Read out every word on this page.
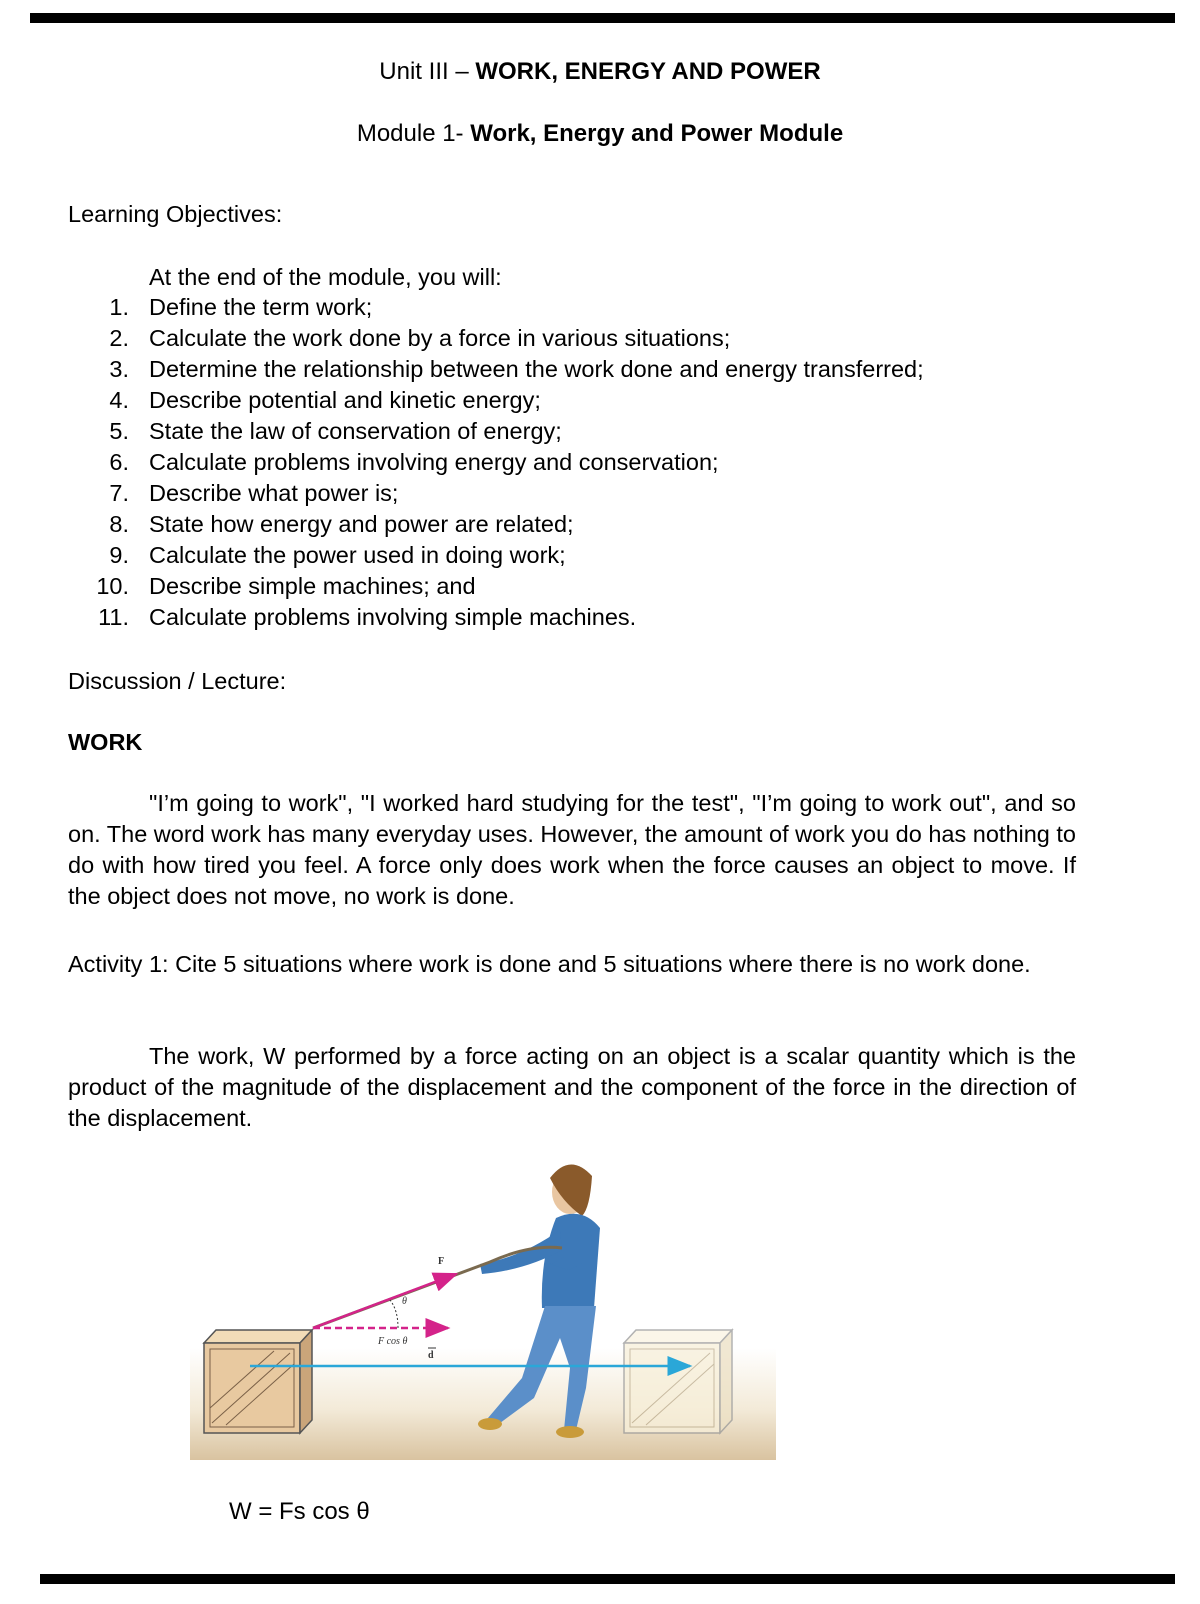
Unit III – WORK, ENERGY AND POWER
Module 1- Work, Energy and Power Module
Learning Objectives:
At the end of the module, you will:
1. Define the term work;
2. Calculate the work done by a force in various situations;
3. Determine the relationship between the work done and energy transferred;
4. Describe potential and kinetic energy;
5. State the law of conservation of energy;
6. Calculate problems involving energy and conservation;
7. Describe what power is;
8. State how energy and power are related;
9. Calculate the power used in doing work;
10. Describe simple machines; and
11. Calculate problems involving simple machines.
Discussion / Lecture:
WORK

"I’m going to work", "I worked hard studying for the test", "I’m going to work out", and so on. The word work has many everyday uses. However, the amount of work you do has nothing to do with how tired you feel. A force only does work when the force causes an object to move. If the object does not move, no work is done.

Activity 1: Cite 5 situations where work is done and 5 situations where there is no work done.

The work, W performed by a force acting on an object is a scalar quantity which is the product of the magnitude of the displacement and the component of the force in the direction of the displacement.

F
θ
F cos θ
d
W = Fs cos θ
